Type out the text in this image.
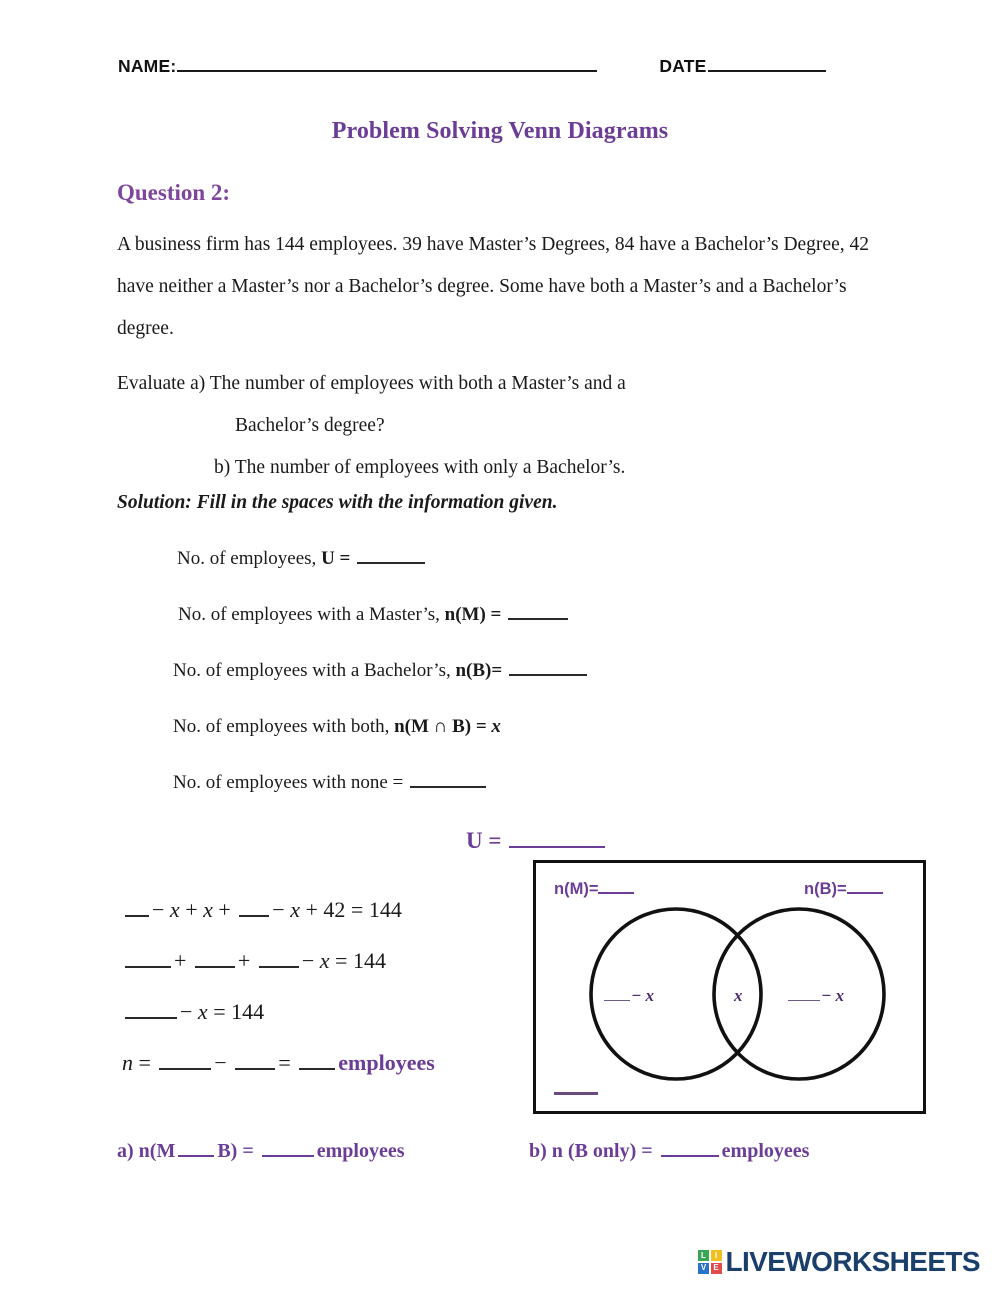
NAME:	DATE
Problem Solving Venn Diagrams
Question 2:
A business firm has 144 employees. 39 have Master’s Degrees, 84 have a Bachelor’s Degree, 42 have neither a Master’s nor a Bachelor’s degree. Some have both a Master’s and a Bachelor’s degree.
Evaluate a) The number of employees with both a Master’s and a
Bachelor’s degree?
b) The number of employees with only a Bachelor’s.
Solution: Fill in the spaces with the information given.
No. of employees, U =
No. of employees with a Master’s, n(M) =
No. of employees with a Bachelor’s, n(B)=
No. of employees with both, n(M ∩ B) = x
No. of employees with none =
U =
− x + x + − x + 42 = 144
+ + − x = 144
− x = 144
n =	− = employees
n(M)=	n(B)=
− x	x	− x
a) n(M B) =	employees	b) n (B only) =	employees
L	I
V E LIVEWORKSHEETS
